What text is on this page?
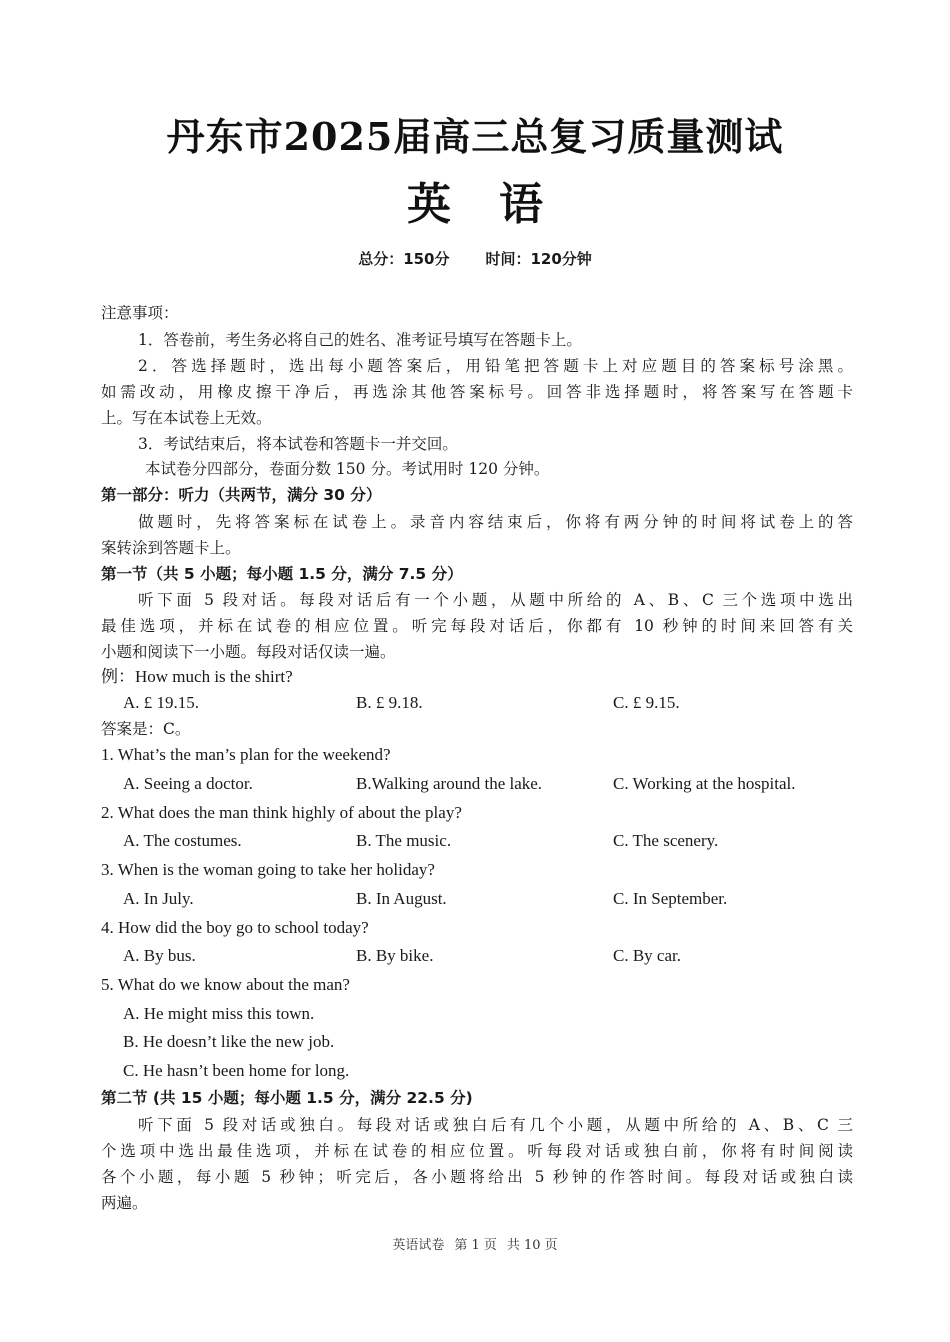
丹东市2025届高三总复习质量测试
英 语
总分：150分 时间：120分钟
注意事项：
1．答卷前，考生务必将自己的姓名、准考证号填写在答题卡上。
2．答选择题时，选出每小题答案后，用铅笔把答题卡上对应题目的答案标号涂黑。
如需改动，用橡皮擦干净后，再选涂其他答案标号。回答非选择题时，将答案写在答题卡
上。写在本试卷上无效。
3．考试结束后，将本试卷和答题卡一并交回。
本试卷分四部分，卷面分数 150 分。考试用时 120 分钟。
第一部分：听力（共两节，满分 30 分）
做题时，先将答案标在试卷上。录音内容结束后，你将有两分钟的时间将试卷上的答
案转涂到答题卡上。
第一节（共 5 小题；每小题 1.5 分，满分 7.5 分）
听下面 5 段对话。每段对话后有一个小题，从题中所给的 A、B、C 三个选项中选出
最佳选项，并标在试卷的相应位置。听完每段对话后，你都有 10 秒钟的时间来回答有关
小题和阅读下一小题。每段对话仅读一遍。
例：How much is the shirt?
A. £ 19.15.	B. £ 9.18.	C. £ 9.15.
答案是：C。
1. What’s the man’s plan for the weekend?
A. Seeing a doctor.	B.Walking around the lake.	C. Working at the hospital.
2. What does the man think highly of about the play?
A. The costumes.	B. The music.	C. The scenery.
3. When is the woman going to take her holiday?
A. In July.	B. In August.	C. In September.
4. How did the boy go to school today?
A. By bus.	B. By bike.	C. By car.
5. What do we know about the man?
A. He might miss this town.
B. He doesn’t like the new job.
C. He hasn’t been home for long.
第二节 (共 15 小题；每小题 1.5 分，满分 22.5 分)
听下面 5 段对话或独白。每段对话或独白后有几个小题，从题中所给的 A、B、C 三
个选项中选出最佳选项，并标在试卷的相应位置。听每段对话或独白前，你将有时间阅读
各个小题，每小题 5 秒钟；听完后，各小题将给出 5 秒钟的作答时间。每段对话或独白读
两遍。
英语试卷 第 1 页 共 10 页
